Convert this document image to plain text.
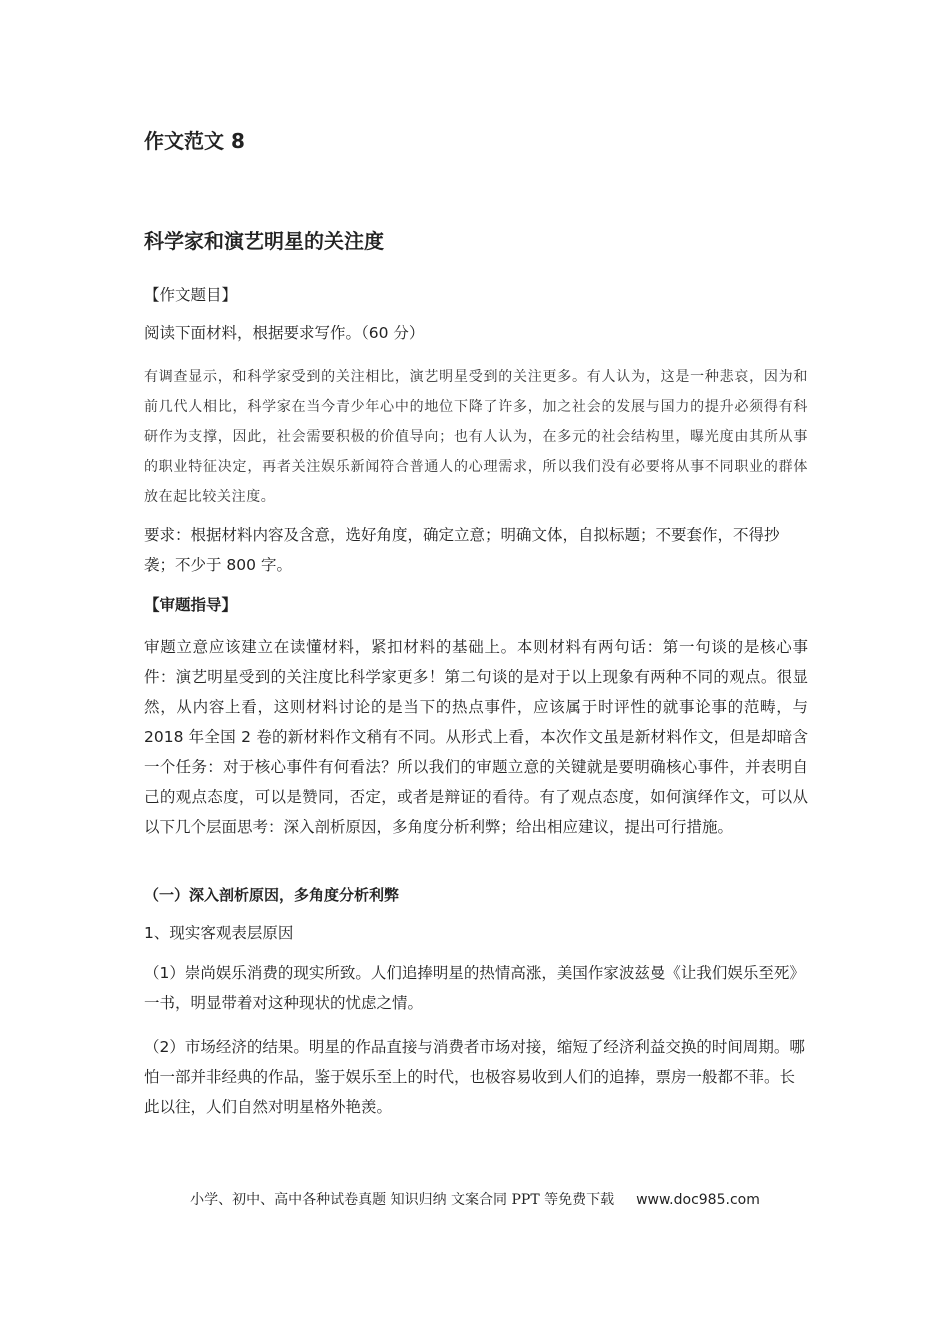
作文范文 8
科学家和演艺明星的关注度

【作文题目】

阅读下面材料，根据要求写作。（60 分）

有调查显示，和科学家受到的关注相比，演艺明星受到的关注更多。有人认为，这是一种悲哀，因为和前几代人相比，科学家在当今青少年心中的地位下降了许多，加之社会的发展与国力的提升必须得有科研作为支撑，因此，社会需要积极的价值导向；也有人认为，在多元的社会结构里，曝光度由其所从事的职业特征决定，再者关注娱乐新闻符合普通人的心理需求，所以我们没有必要将从事不同职业的群体放在起比较关注度。

要求：根据材料内容及含意，选好角度，确定立意；明确文体，自拟标题；不要套作，不得抄袭；不少于 800 字。

【审题指导】

审题立意应该建立在读懂材料，紧扣材料的基础上。本则材料有两句话：第一句谈的是核心事件：演艺明星受到的关注度比科学家更多！第二句谈的是对于以上现象有两种不同的观点。很显然，从内容上看，这则材料讨论的是当下的热点事件，应该属于时评性的就事论事的范畴，与 2018 年全国 2 卷的新材料作文稍有不同。从形式上看，本次作文虽是新材料作文，但是却暗含一个任务：对于核心事件有何看法？所以我们的审题立意的关键就是要明确核心事件，并表明自己的观点态度，可以是赞同，否定，或者是辩证的看待。有了观点态度，如何演绎作文，可以从以下几个层面思考：深入剖析原因，多角度分析利弊；给出相应建议，提出可行措施。

（一）深入剖析原因，多角度分析利弊

1、现实客观表层原因

（1）崇尚娱乐消费的现实所致。人们追捧明星的热情高涨，美国作家波兹曼《让我们娱乐至死》一书，明显带着对这种现状的忧虑之情。

（2）市场经济的结果。明星的作品直接与消费者市场对接，缩短了经济利益交换的时间周期。哪怕一部并非经典的作品，鉴于娱乐至上的时代，也极容易收到人们的追捧，票房一般都不菲。长此以往，人们自然对明星格外艳羡。

小学、初中、高中各种试卷真题 知识归纳 文案合同 PPT 等免费下载 www.doc985.com
